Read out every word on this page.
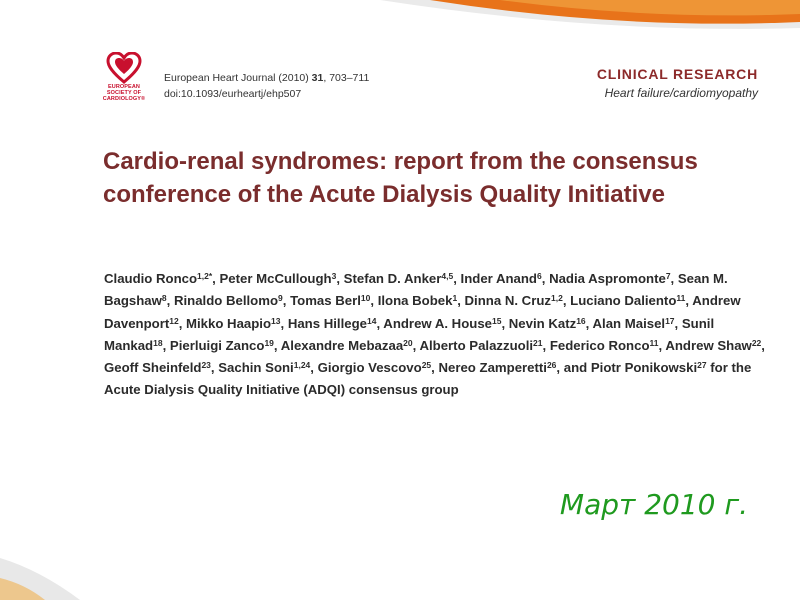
EUROPEAN
SOCIETY OF
CARDIOLOGY®
European Heart Journal (2010) 31, 703–711
doi:10.1093/eurheartj/ehp507
CLINICAL RESEARCH
Heart failure/cardiomyopathy
Cardio-renal syndromes: report from the consensus conference of the Acute Dialysis Quality Initiative
Claudio Ronco$^{1,2*}$, Peter McCullough$^3$, Stefan D. Anker$^{4,5}$, Inder Anand$^6$, Nadia Aspromonte$^7$, Sean M. Bagshaw$^8$, Rinaldo Bellomo$^9$, Tomas Berl$^{10}$, Ilona Bobek$^1$, Dinna N. Cruz$^{1,2}$, Luciano Daliento$^{11}$, Andrew Davenport$^{12}$, Mikko Haapio$^{13}$, Hans Hillege$^{14}$, Andrew A. House$^{15}$, Nevin Katz$^{16}$, Alan Maisel$^{17}$, Sunil Mankad$^{18}$, Pierluigi Zanco$^{19}$, Alexandre Mebazaa$^{20}$, Alberto Palazzuoli$^{21}$, Federico Ronco$^{11}$, Andrew Shaw$^{22}$, Geoff Sheinfeld$^{23}$, Sachin Soni$^{1,24}$, Giorgio Vescovo$^{25}$, Nereo Zamperetti$^{26}$, and Piotr Ponikowski$^{27}$ for the Acute Dialysis Quality Initiative (ADQI) consensus group
Март 2010 г.
